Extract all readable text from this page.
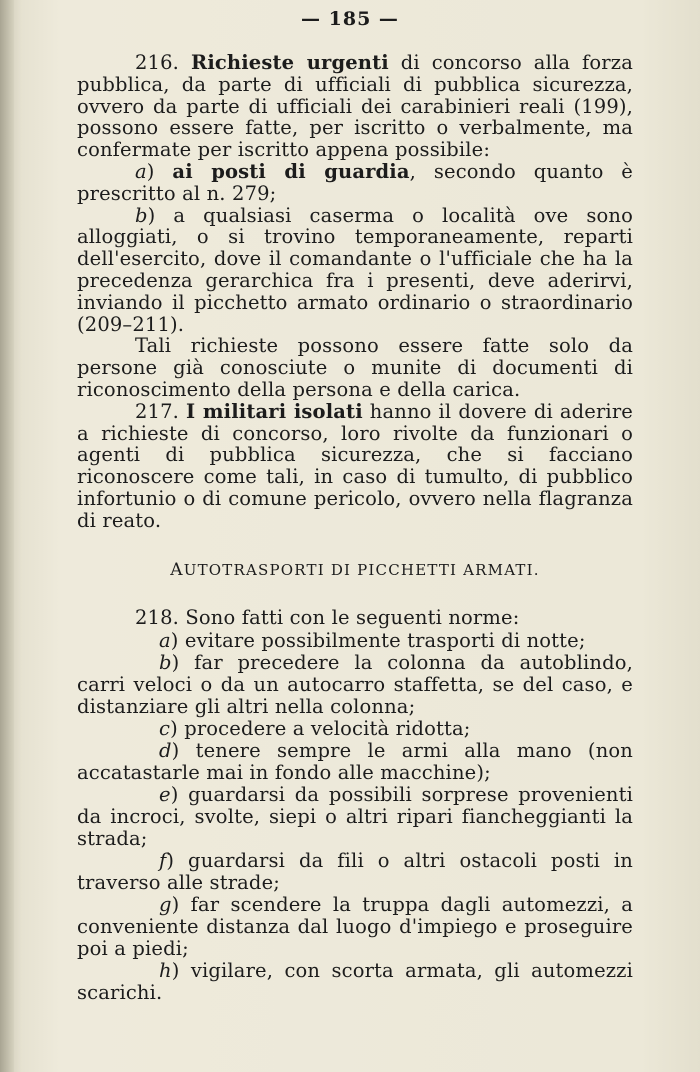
— 185 —

216. Richieste urgenti di concorso alla forza pubblica, da parte di ufficiali di pubblica sicurezza, ovvero da parte di ufficiali dei carabinieri reali (199), possono essere fatte, per iscritto o verbalmente, ma confermate per iscritto appena possibile:

a) ai posti di guardia, secondo quanto è prescritto al n. 279;

b) a qualsiasi caserma o località ove sono alloggiati, o si trovino temporaneamente, reparti dell'esercito, dove il comandante o l'ufficiale che ha la precedenza gerarchica fra i presenti, deve aderirvi, inviando il picchetto armato ordinario o straordinario (209–211).

Tali richieste possono essere fatte solo da persone già conosciute o munite di documenti di riconoscimento della persona e della carica.

217. I militari isolati hanno il dovere di aderire a richieste di concorso, loro rivolte da funzionari o agenti di pubblica sicurezza, che si facciano riconoscere come tali, in caso di tumulto, di pubblico infortunio o di comune pericolo, ovvero nella flagranza di reato.

AUTOTRASPORTI DI PICCHETTI ARMATI.

218. Sono fatti con le seguenti norme:

a) evitare possibilmente trasporti di notte;

b) far precedere la colonna da autoblindo, carri veloci o da un autocarro staffetta, se del caso, e distanziare gli altri nella colonna;

c) procedere a velocità ridotta;

d) tenere sempre le armi alla mano (non accatastarle mai in fondo alle macchine);

e) guardarsi da possibili sorprese provenienti da incroci, svolte, siepi o altri ripari fiancheggianti la strada;

f) guardarsi da fili o altri ostacoli posti in traverso alle strade;

g) far scendere la truppa dagli automezzi, a conveniente distanza dal luogo d'impiego e proseguire poi a piedi;

h) vigilare, con scorta armata, gli automezzi scarichi.
